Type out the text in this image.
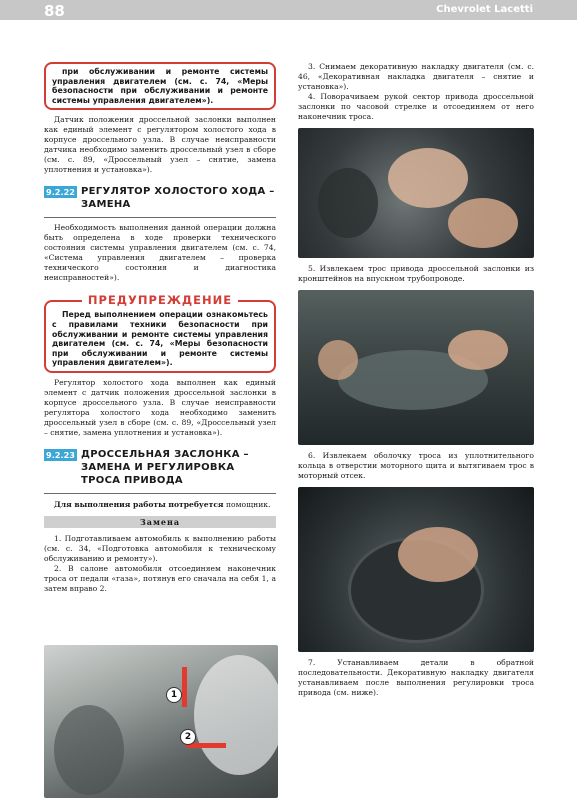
88	Chevrolet Lacetti
при обслуживании и ремонте системы управления двигателем (см. с. 74, «Меры безопасности при обслуживании и ремонте системы управления двигателем»).

Датчик положения дроссельной заслонки выполнен как единый элемент с регулятором холостого хода в корпусе дроссельного узла. В случае неисправности датчика необходимо заменить дроссельный узел в сборе (см. с. 89, «Дроссельный узел – снятие, замена уплотнения и установка»).

9.2.22 РЕГУЛЯТОР ХОЛОСТОГО ХОДА – ЗАМЕНА

Необходимость выполнения данной операции должна быть определена в ходе проверки технического состояния системы управления двигателем (см. с. 74, «Система управления двигателем – проверка технического состояния и диагностика неисправностей»).

ПРЕДУПРЕЖДЕНИЕ
Перед выполнением операции ознакомьтесь с правилами техники безопасности при обслуживании и ремонте системы управления двигателем (см. с. 74, «Меры безопасности при обслуживании и ремонте системы управления двигателем»).

Регулятор холостого хода выполнен как единый элемент с датчик положения дроссельной заслонки в корпусе дроссельного узла. В случае неисправности регулятора холостого хода необходимо заменить дроссельный узел в сборе (см. с. 89, «Дроссельный узел – снятие, замена уплотнения и установка»).

9.2.23 ДРОССЕЛЬНАЯ ЗАСЛОНКА – ЗАМЕНА И РЕГУЛИРОВКА ТРОСА ПРИВОДА
Для выполнения работы потребуется помощник.
Замена

1. Подготавливаем автомобиль к выполнению работы (см. с. 34, «Подготовка автомобиля к техническому обслуживанию и ремонту»).

2. В салоне автомобиля отсоединяем наконечник троса от педали «газа», потянув его сначала на себя 1, а затем вправо 2.

1
2

3. Снимаем декоративную накладку двигателя (см. с. 46, «Декоративная накладка двигателя – снятие и установка»).

4. Поворачиваем рукой сектор привода дроссельной заслонки по часовой стрелке и отсоединяем от него наконечник троса.

5. Извлекаем трос привода дроссельной заслонки из кронштейнов на впускном трубопроводе.

6. Извлекаем оболочку троса из уплотнительного кольца в отверстии моторного щита и вытягиваем трос в моторный отсек.

7. Устанавливаем детали в обратной последовательности. Декоративную накладку двигателя устанавливаем после выполнения регулировки троса привода (см. ниже).
